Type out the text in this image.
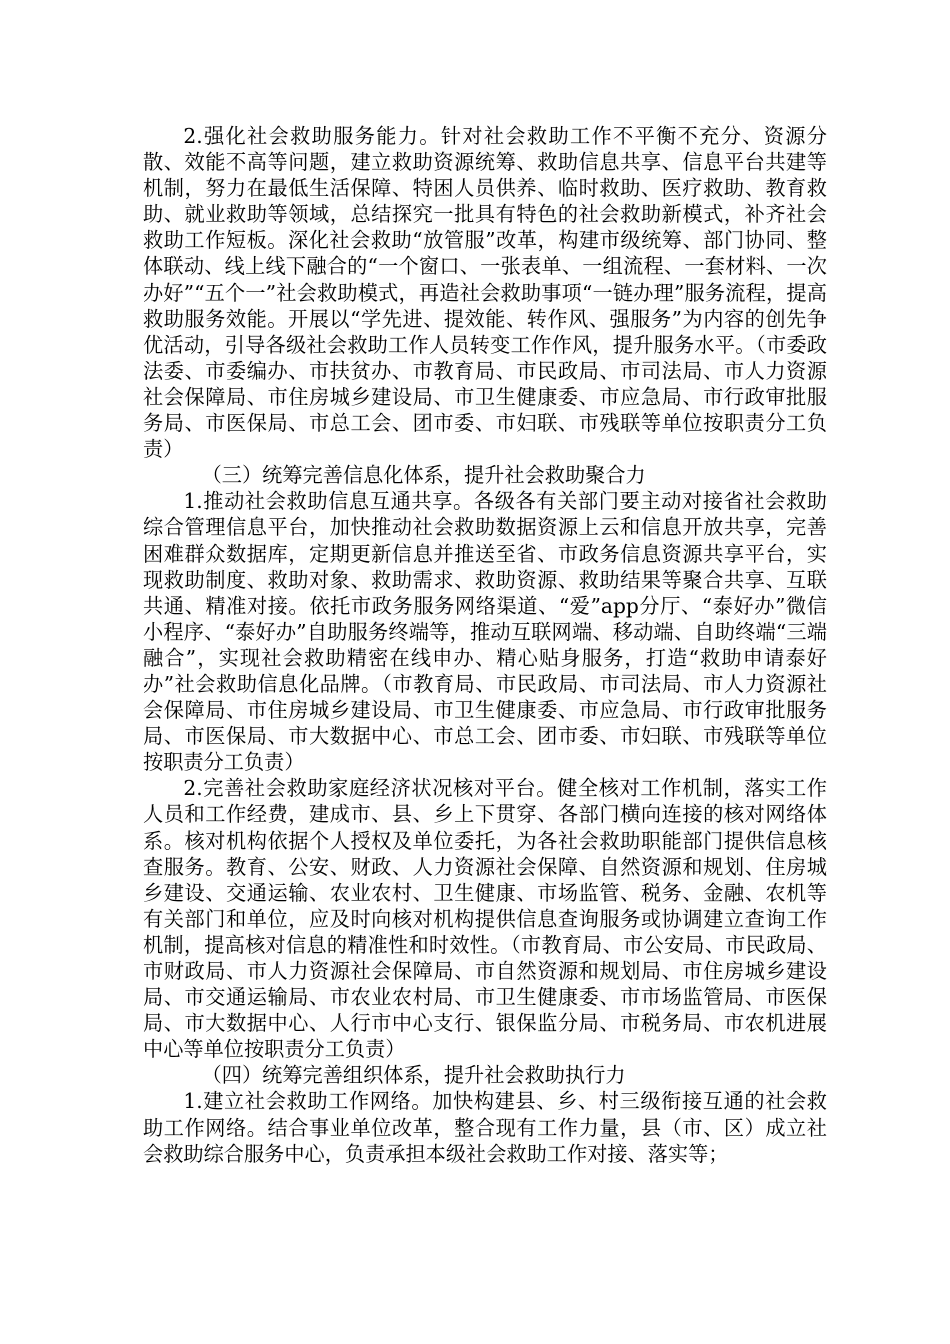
2.强化社会救助服务能力。针对社会救助工作不平衡不充分、资源分散、效能不高等问题，建立救助资源统筹、救助信息共享、信息平台共建等机制，努力在最低生活保障、特困人员供养、临时救助、医疗救助、教育救助、就业救助等领域，总结探究一批具有特色的社会救助新模式，补齐社会救助工作短板。深化社会救助“放管服”改革，构建市级统筹、部门协同、整体联动、线上线下融合的“一个窗口、一张表单、一组流程、一套材料、一次办好”“五个一”社会救助模式，再造社会救助事项“一链办理”服务流程，提高救助服务效能。开展以“学先进、提效能、转作风、强服务”为内容的创先争优活动，引导各级社会救助工作人员转变工作作风，提升服务水平。（市委政法委、市委编办、市扶贫办、市教育局、市民政局、市司法局、市人力资源社会保障局、市住房城乡建设局、市卫生健康委、市应急局、市行政审批服务局、市医保局、市总工会、团市委、市妇联、市残联等单位按职责分工负责）

（三）统筹完善信息化体系，提升社会救助聚合力

1.推动社会救助信息互通共享。各级各有关部门要主动对接省社会救助综合管理信息平台，加快推动社会救助数据资源上云和信息开放共享，完善困难群众数据库，定期更新信息并推送至省、市政务信息资源共享平台，实现救助制度、救助对象、救助需求、救助资源、救助结果等聚合共享、互联共通、精准对接。依托市政务服务网络渠道、“爱”app分厅、“泰好办”微信小程序、“泰好办”自助服务终端等，推动互联网端、移动端、自助终端“三端融合”，实现社会救助精密在线申办、精心贴身服务，打造“救助申请泰好办”社会救助信息化品牌。（市教育局、市民政局、市司法局、市人力资源社会保障局、市住房城乡建设局、市卫生健康委、市应急局、市行政审批服务局、市医保局、市大数据中心、市总工会、团市委、市妇联、市残联等单位按职责分工负责）

2.完善社会救助家庭经济状况核对平台。健全核对工作机制，落实工作人员和工作经费，建成市、县、乡上下贯穿、各部门横向连接的核对网络体系。核对机构依据个人授权及单位委托，为各社会救助职能部门提供信息核查服务。教育、公安、财政、人力资源社会保障、自然资源和规划、住房城乡建设、交通运输、农业农村、卫生健康、市场监管、税务、金融、农机等有关部门和单位，应及时向核对机构提供信息查询服务或协调建立查询工作机制，提高核对信息的精准性和时效性。（市教育局、市公安局、市民政局、市财政局、市人力资源社会保障局、市自然资源和规划局、市住房城乡建设局、市交通运输局、市农业农村局、市卫生健康委、市市场监管局、市医保局、市大数据中心、人行市中心支行、银保监分局、市税务局、市农机进展中心等单位按职责分工负责）

（四）统筹完善组织体系，提升社会救助执行力

1.建立社会救助工作网络。加快构建县、乡、村三级衔接互通的社会救助工作网络。结合事业单位改革，整合现有工作力量，县（市、区）成立社会救助综合服务中心，负责承担本级社会救助工作对接、落实等；
